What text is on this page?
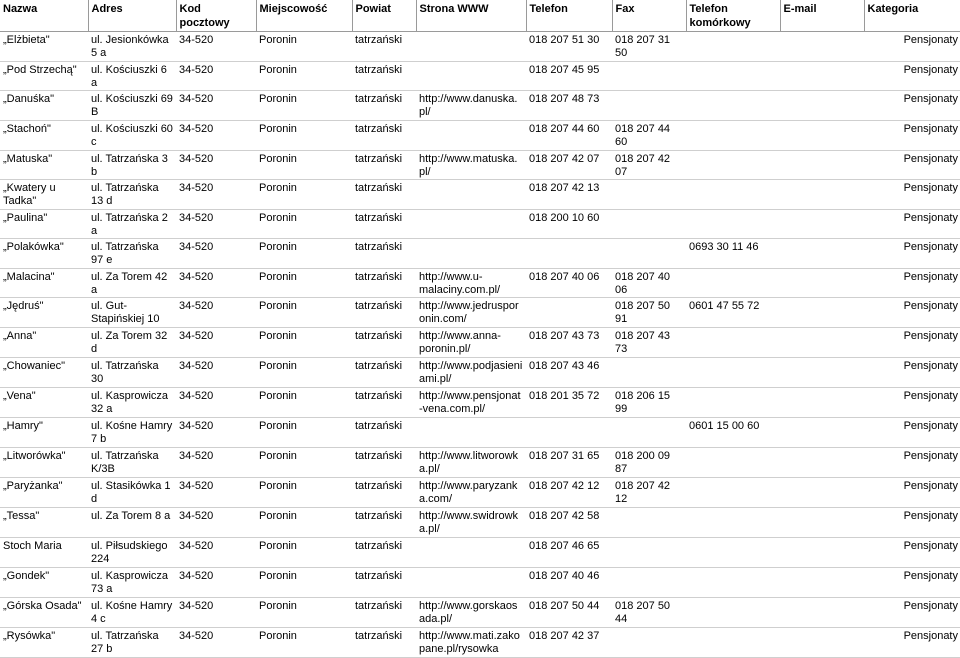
Nazwa	Adres	Kod pocztowy	Miejscowość	Powiat	Strona WWW	Telefon	Fax	Telefon komórkowy	E-mail	Kategoria
„Elżbieta"	ul. Jesionkówka 5 a	34-520	Poronin	tatrzański		018 207 51 30	018 207 31 50			Pensjonaty
„Pod Strzechą"	ul. Kościuszki 6 a	34-520	Poronin	tatrzański		018 207 45 95				Pensjonaty
„Danuśka"	ul. Kościuszki 69 B	34-520	Poronin	tatrzański	http://www.danuska.pl/	018 207 48 73				Pensjonaty
„Stachoń"	ul. Kościuszki 60 c	34-520	Poronin	tatrzański		018 207 44 60	018 207 44 60			Pensjonaty
„Matuska"	ul. Tatrzańska 3 b	34-520	Poronin	tatrzański	http://www.matuska.pl/	018 207 42 07	018 207 42 07			Pensjonaty
„Kwatery u Tadka"	ul. Tatrzańska 13 d	34-520	Poronin	tatrzański		018 207 42 13				Pensjonaty
„Paulina"	ul. Tatrzańska 2 a	34-520	Poronin	tatrzański		018 200 10 60				Pensjonaty
„Polakówka"	ul. Tatrzańska 97 e	34-520	Poronin	tatrzański				0693 30 11 46		Pensjonaty
„Malacina"	ul. Za Torem 42 a	34-520	Poronin	tatrzański	http://www.u-malaciny.com.pl/	018 207 40 06	018 207 40 06			Pensjonaty
„Jędruś"	ul. Gut-Stapińskiej 10	34-520	Poronin	tatrzański	http://www.jedrusporonin.com/		018 207 50 91	0601 47 55 72		Pensjonaty
„Anna"	ul. Za Torem 32 d	34-520	Poronin	tatrzański	http://www.anna-poronin.pl/	018 207 43 73	018 207 43 73			Pensjonaty
„Chowaniec"	ul. Tatrzańska 30	34-520	Poronin	tatrzański	http://www.podjasieniami.pl/	018 207 43 46				Pensjonaty
„Vena"	ul. Kasprowicza 32 a	34-520	Poronin	tatrzański	http://www.pensjonat-vena.com.pl/	018 201 35 72	018 206 15 99			Pensjonaty
„Hamry"	ul. Kośne Hamry 7 b	34-520	Poronin	tatrzański				0601 15 00 60		Pensjonaty
„Litworówka"	ul. Tatrzańska K/3B	34-520	Poronin	tatrzański	http://www.litworowka.pl/	018 207 31 65	018 200 09 87			Pensjonaty
„Paryżanka"	ul. Stasikówka 1 d	34-520	Poronin	tatrzański	http://www.paryzanka.com/	018 207 42 12	018 207 42 12			Pensjonaty
„Tessa"	ul. Za Torem 8 a	34-520	Poronin	tatrzański	http://www.swidrowka.pl/	018 207 42 58				Pensjonaty
Stoch Maria	ul. Piłsudskiego 224	34-520	Poronin	tatrzański		018 207 46 65				Pensjonaty
„Gondek"	ul. Kasprowicza 73 a	34-520	Poronin	tatrzański		018 207 40 46				Pensjonaty
„Górska Osada"	ul. Kośne Hamry 4 c	34-520	Poronin	tatrzański	http://www.gorskaosada.pl/	018 207 50 44	018 207 50 44			Pensjonaty
„Rysówka"	ul. Tatrzańska 27 b	34-520	Poronin	tatrzański	http://www.mati.zakopane.pl/rysowka	018 207 42 37				Pensjonaty
